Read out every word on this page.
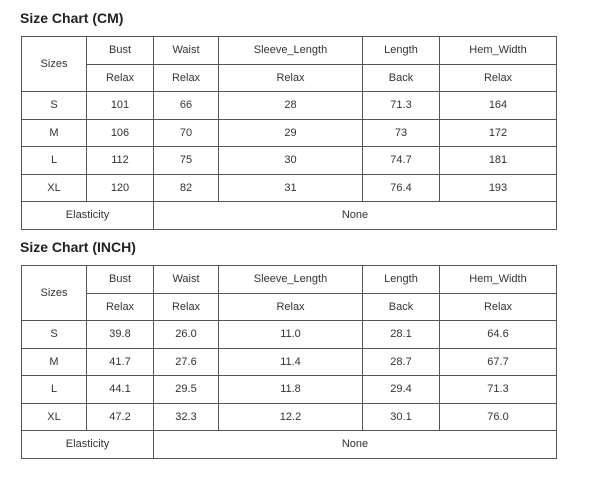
Size Chart (CM)
Sizes	Bust	Waist	Sleeve_Length	Length	Hem_Width
	Relax	Relax	Relax	Back	Relax
S	101	66	28	71.3	164
M	106	70	29	73	172
L	112	75	30	74.7	181
XL	120	82	31	76.4	193
Elasticity		None			
Size Chart (INCH)
Sizes	Bust	Waist	Sleeve_Length	Length	Hem_Width
	Relax	Relax	Relax	Back	Relax
S	39.8	26.0	11.0	28.1	64.6
M	41.7	27.6	11.4	28.7	67.7
L	44.1	29.5	11.8	29.4	71.3
XL	47.2	32.3	12.2	30.1	76.0
Elasticity		None			
